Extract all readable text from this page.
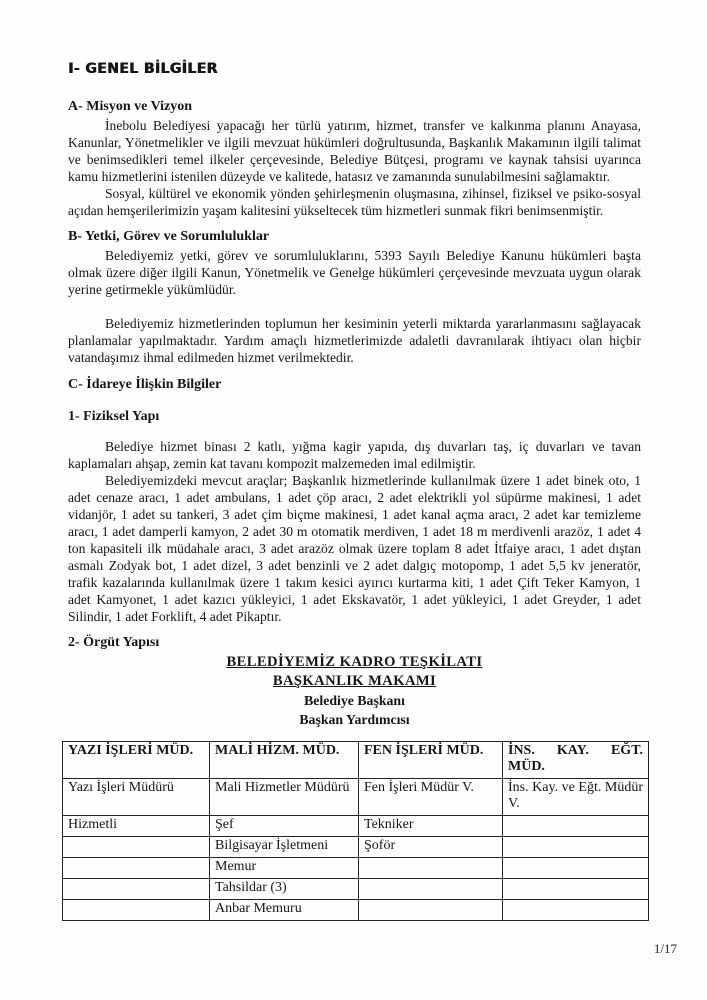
I- GENEL BİLGİLER
A- Misyon ve Vizyon

İnebolu Belediyesi yapacağı her türlü yatırım, hizmet, transfer ve kalkınma planını Anayasa, Kanunlar, Yönetmelikler ve ilgili mevzuat hükümleri doğrultusunda, Başkanlık Makamının ilgili talimat ve benimsedikleri temel ilkeler çerçevesinde, Belediye Bütçesi, programı ve kaynak tahsisi uyarınca kamu hizmetlerini istenilen düzeyde ve kalitede, hatasız ve zamanında sunulabilmesini sağlamaktır.

Sosyal, kültürel ve ekonomik yönden şehirleşmenin oluşmasına, zihinsel, fiziksel ve psiko-sosyal açıdan hemşerilerimizin yaşam kalitesini yükseltecek tüm hizmetleri sunmak fikri benimsenmiştir.

B- Yetki, Görev ve Sorumluluklar

Belediyemiz yetki, görev ve sorumluluklarını, 5393 Sayılı Belediye Kanunu hükümleri başta olmak üzere diğer ilgili Kanun, Yönetmelik ve Genelge hükümleri çerçevesinde mevzuata uygun olarak yerine getirmekle yükümlüdür.

Belediyemiz hizmetlerinden toplumun her kesiminin yeterli miktarda yararlanmasını sağlayacak planlamalar yapılmaktadır. Yardım amaçlı hizmetlerimizde adaletli davranılarak ihtiyacı olan hiçbir vatandaşımız ihmal edilmeden hizmet verilmektedir.

C- İdareye İlişkin Bilgiler
1- Fiziksel Yapı

Belediye hizmet binası 2 katlı, yığma kagir yapıda, dış duvarları taş, iç duvarları ve tavan kaplamaları ahşap, zemin kat tavanı kompozit malzemeden imal edilmiştir.

Belediyemizdeki mevcut araçlar; Başkanlık hizmetlerinde kullanılmak üzere 1 adet binek oto, 1 adet cenaze aracı, 1 adet ambulans, 1 adet çöp aracı, 2 adet elektrikli yol süpürme makinesi, 1 adet vidanjör, 1 adet su tankeri, 3 adet çim biçme makinesi, 1 adet kanal açma aracı, 2 adet kar temizleme aracı, 1 adet damperli kamyon, 2 adet 30 m otomatik merdiven, 1 adet 18 m merdivenli arazöz, 1 adet 4 ton kapasiteli ilk müdahale aracı, 3 adet arazöz olmak üzere toplam 8 adet İtfaiye aracı, 1 adet dıştan asmalı Zodyak bot, 1 adet dizel, 3 adet benzinli ve 2 adet dalgıç motopomp, 1 adet 5,5 kv jeneratör, trafik kazalarında kullanılmak üzere 1 takım kesici ayırıcı kurtarma kiti, 1 adet Çift Teker Kamyon, 1 adet Kamyonet, 1 adet kazıcı yükleyici, 1 adet Ekskavatör, 1 adet yükleyici, 1 adet Greyder, 1 adet Silindir, 1 adet Forklift, 4 adet Pikaptır.

2- Örgüt Yapısı
BELEDİYEMİZ KADRO TEŞKİLATI
BAŞKANLIK MAKAMI
Belediye Başkanı
Başkan Yardımcısı
YAZI İŞLERİ MÜD.	MALİ HİZM. MÜD.	FEN İŞLERİ MÜD.	İNS. KAY. EĞT. MÜD.
Yazı İşleri Müdürü	Mali Hizmetler Müdürü	Fen İşleri Müdür V.	İns. Kay. ve Eğt. Müdür V.
Hizmetli	Şef	Tekniker	
	Bilgisayar İşletmeni	Şoför	
	Memur		
	Tahsildar (3)		
	Anbar Memuru		
1/17
